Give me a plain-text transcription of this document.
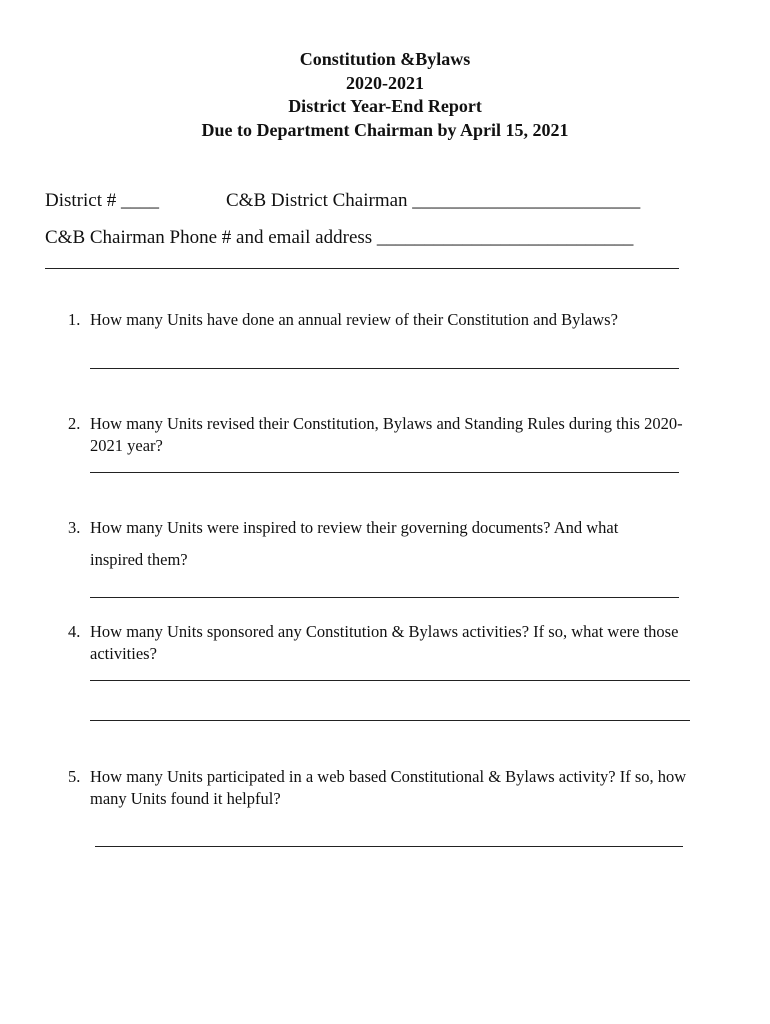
Constitution &Bylaws
2020-2021
District Year-End Report
Due to Department Chairman by April 15, 2021
District # ____	C&B District Chairman ________________________
C&B Chairman Phone # and email address ___________________________
1. How many Units have done an annual review of their Constitution and Bylaws?
2. How many Units revised their Constitution, Bylaws and Standing Rules during this 2020-2021 year?
3. How many Units were inspired to review their governing documents? And what
inspired them?
4. How many Units sponsored any Constitution & Bylaws activities? If so, what were those activities?
5. How many Units participated in a web based Constitutional & Bylaws activity? If so, how many Units found it helpful?
